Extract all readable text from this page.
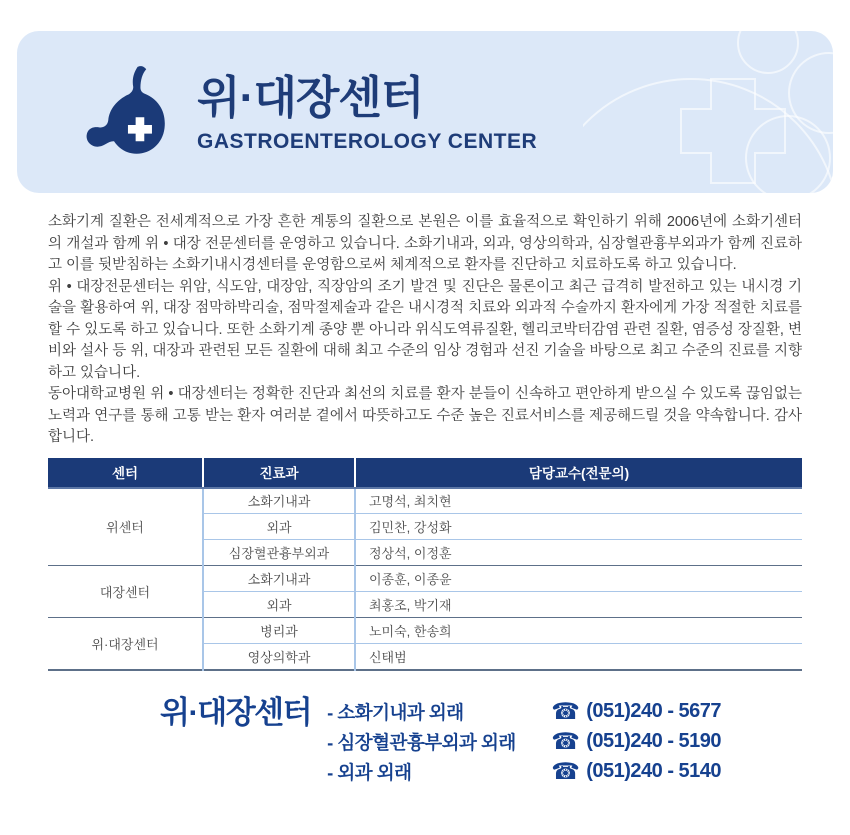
위·대장센터
GASTROENTEROLOGY CENTER

소화기계 질환은 전세계적으로 가장 흔한 계통의 질환으로 본원은 이를 효율적으로 확인하기 위해 2006년에 소화기센터의 개설과 함께 위 • 대장 전문센터를 운영하고 있습니다. 소화기내과, 외과, 영상의학과, 심장혈관흉부외과가 함께 진료하고 이를 뒷받침하는 소화기내시경센터를 운영함으로써 체계적으로 환자를 진단하고 치료하도록 하고 있습니다.

위 • 대장전문센터는 위암, 식도암, 대장암, 직장암의 조기 발견 및 진단은 물론이고 최근 급격히 발전하고 있는 내시경 기술을 활용하여 위, 대장 점막하박리술, 점막절제술과 같은 내시경적 치료와 외과적 수술까지 환자에게 가장 적절한 치료를 할 수 있도록 하고 있습니다. 또한 소화기계 종양 뿐 아니라 위식도역류질환, 헬리코박터감염 관련 질환, 염증성 장질환, 변비와 설사 등 위, 대장과 관련된 모든 질환에 대해 최고 수준의 임상 경험과 선진 기술을 바탕으로 최고 수준의 진료를 지향하고 있습니다.

동아대학교병원 위 • 대장센터는 정확한 진단과 최선의 치료를 환자 분들이 신속하고 편안하게 받으실 수 있도록 끊임없는 노력과 연구를 통해 고통 받는 환자 여러분 곁에서 따뜻하고도 수준 높은 진료서비스를 제공해드릴 것을 약속합니다. 감사합니다.

센터	진료과	담당교수(전문의)
위센터	소화기내과	고명석, 최치현
	외과	김민찬, 강성화
	심장혈관흉부외과	정상석, 이정훈
대장센터	소화기내과	이종훈, 이종윤
	외과	최홍조, 박기재
위·대장센터	병리과	노미숙, 한송희
	영상의학과	신태범
위·대장센터 - 소화기내과 외래	☎ (051)240 - 5677
- 심장혈관흉부외과 외래	☎ (051)240 - 5190
- 외과 외래	☎ (051)240 - 5140
